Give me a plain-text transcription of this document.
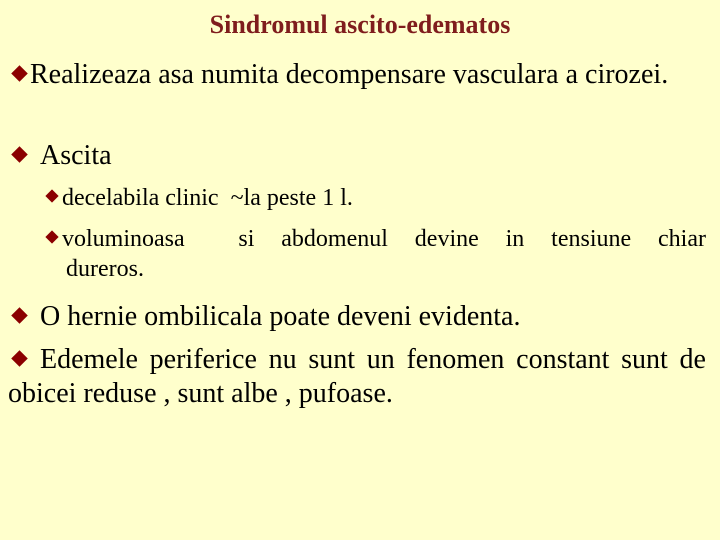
Sindromul ascito-edematos
Realizeaza asa numita decompensare vasculara a cirozei.
Ascita
decelabila clinic  ~la peste 1 l.
voluminoasa  si abdomenul devine in tensiune chiar
dureros.
O hernie ombilicala poate deveni evidenta.
Edemele periferice nu sunt un fenomen constant sunt de obicei reduse , sunt albe , pufoase.
